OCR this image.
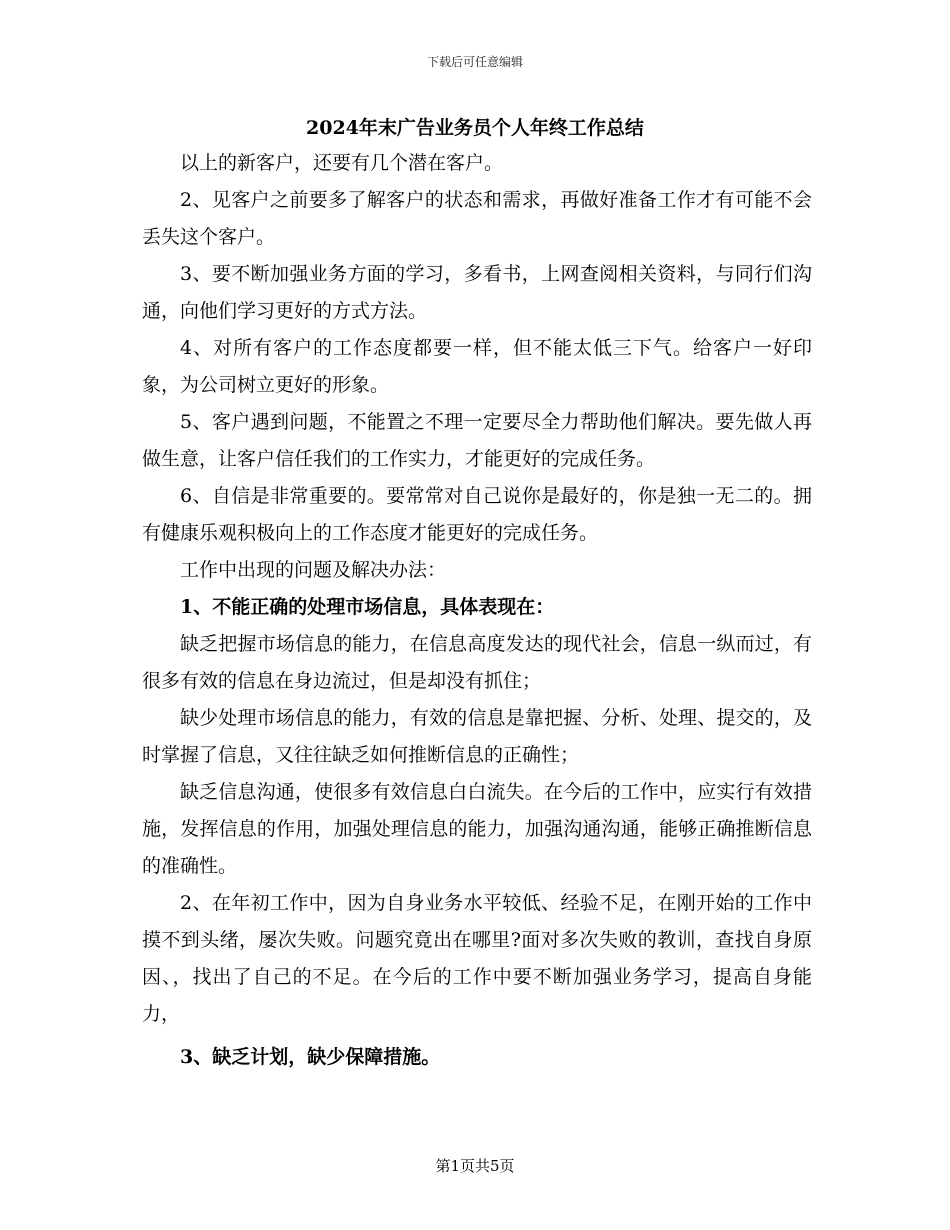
下载后可任意编辑
2024年末广告业务员个人年终工作总结

以上的新客户，还要有几个潜在客户。

2、见客户之前要多了解客户的状态和需求，再做好准备工作才有可能不会丢失这个客户。

3、要不断加强业务方面的学习，多看书，上网查阅相关资料，与同行们沟通，向他们学习更好的方式方法。

4、对所有客户的工作态度都要一样，但不能太低三下气。给客户一好印象，为公司树立更好的形象。

5、客户遇到问题，不能置之不理一定要尽全力帮助他们解决。要先做人再做生意，让客户信任我们的工作实力，才能更好的完成任务。

6、自信是非常重要的。要常常对自己说你是最好的，你是独一无二的。拥有健康乐观积极向上的工作态度才能更好的完成任务。

工作中出现的问题及解决办法：

1、不能正确的处理市场信息，具体表现在：

缺乏把握市场信息的能力，在信息高度发达的现代社会，信息一纵而过，有很多有效的信息在身边流过，但是却没有抓住；

缺少处理市场信息的能力，有效的信息是靠把握、分析、处理、提交的，及时掌握了信息，又往往缺乏如何推断信息的正确性；

缺乏信息沟通，使很多有效信息白白流失。在今后的工作中，应实行有效措施，发挥信息的作用，加强处理信息的能力，加强沟通沟通，能够正确推断信息的准确性。

2、在年初工作中，因为自身业务水平较低、经验不足，在刚开始的工作中摸不到头绪，屡次失败。问题究竟出在哪里?面对多次失败的教训，查找自身原因、，找出了自己的不足。在今后的工作中要不断加强业务学习，提高自身能力，

3、缺乏计划，缺少保障措施。

第1页共5页
